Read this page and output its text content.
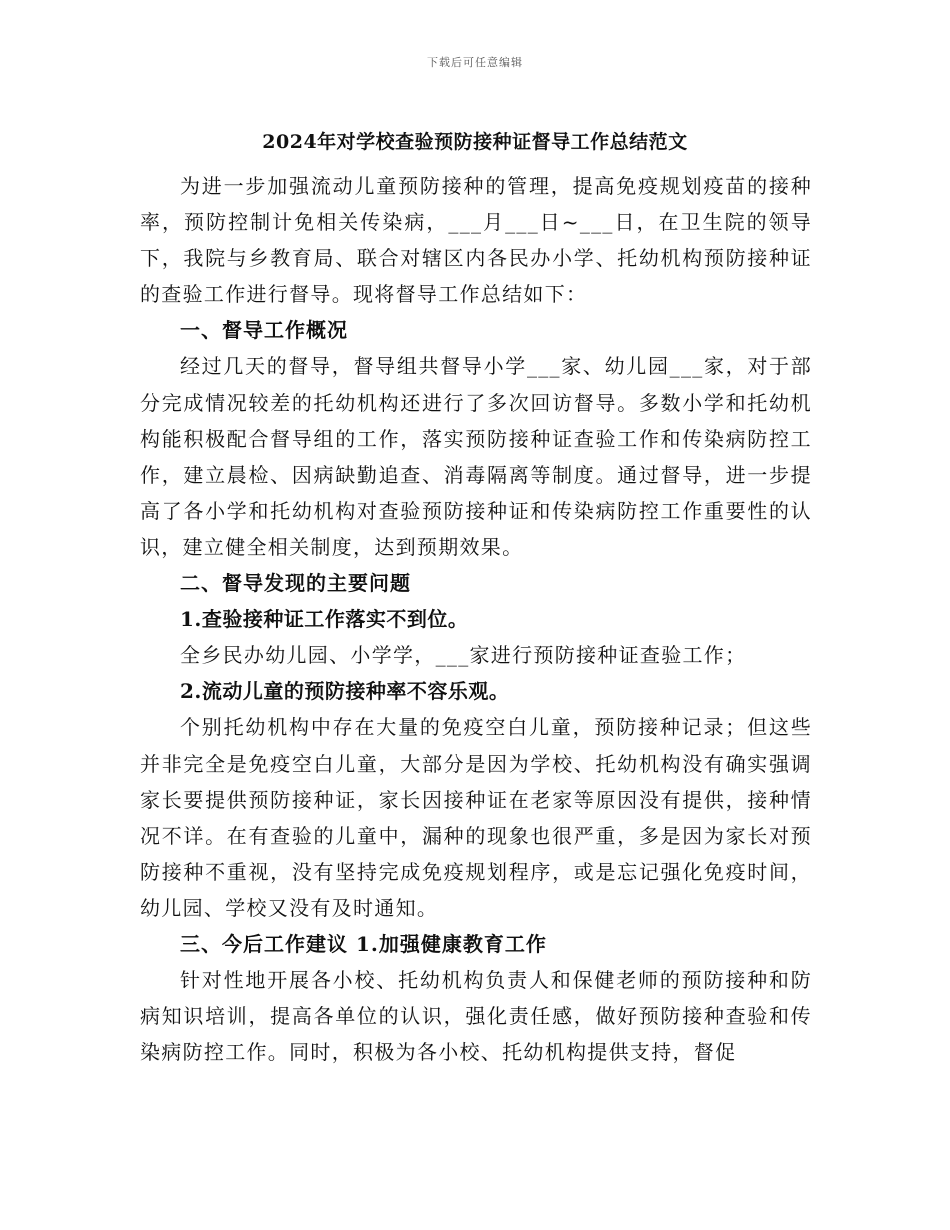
下载后可任意编辑
2024年对学校查验预防接种证督导工作总结范文

为进一步加强流动儿童预防接种的管理，提高免疫规划疫苗的接种率，预防控制计免相关传染病，___月___日~___日，在卫生院的领导下，我院与乡教育局、联合对辖区内各民办小学、托幼机构预防接种证的查验工作进行督导。现将督导工作总结如下：

一、督导工作概况

经过几天的督导，督导组共督导小学___家、幼儿园___家，对于部分完成情况较差的托幼机构还进行了多次回访督导。多数小学和托幼机构能积极配合督导组的工作，落实预防接种证查验工作和传染病防控工作，建立晨检、因病缺勤追查、消毒隔离等制度。通过督导，进一步提高了各小学和托幼机构对查验预防接种证和传染病防控工作重要性的认识，建立健全相关制度，达到预期效果。

二、督导发现的主要问题

1.查验接种证工作落实不到位。

全乡民办幼儿园、小学学，___家进行预防接种证查验工作；

2.流动儿童的预防接种率不容乐观。

个别托幼机构中存在大量的免疫空白儿童，预防接种记录；但这些并非完全是免疫空白儿童，大部分是因为学校、托幼机构没有确实强调家长要提供预防接种证，家长因接种证在老家等原因没有提供，接种情况不详。在有查验的儿童中，漏种的现象也很严重，多是因为家长对预防接种不重视，没有坚持完成免疫规划程序，或是忘记强化免疫时间，幼儿园、学校又没有及时通知。

三、今后工作建议 1.加强健康教育工作

针对性地开展各小校、托幼机构负责人和保健老师的预防接种和防病知识培训，提高各单位的认识，强化责任感，做好预防接种查验和传染病防控工作。同时，积极为各小校、托幼机构提供支持，督促
